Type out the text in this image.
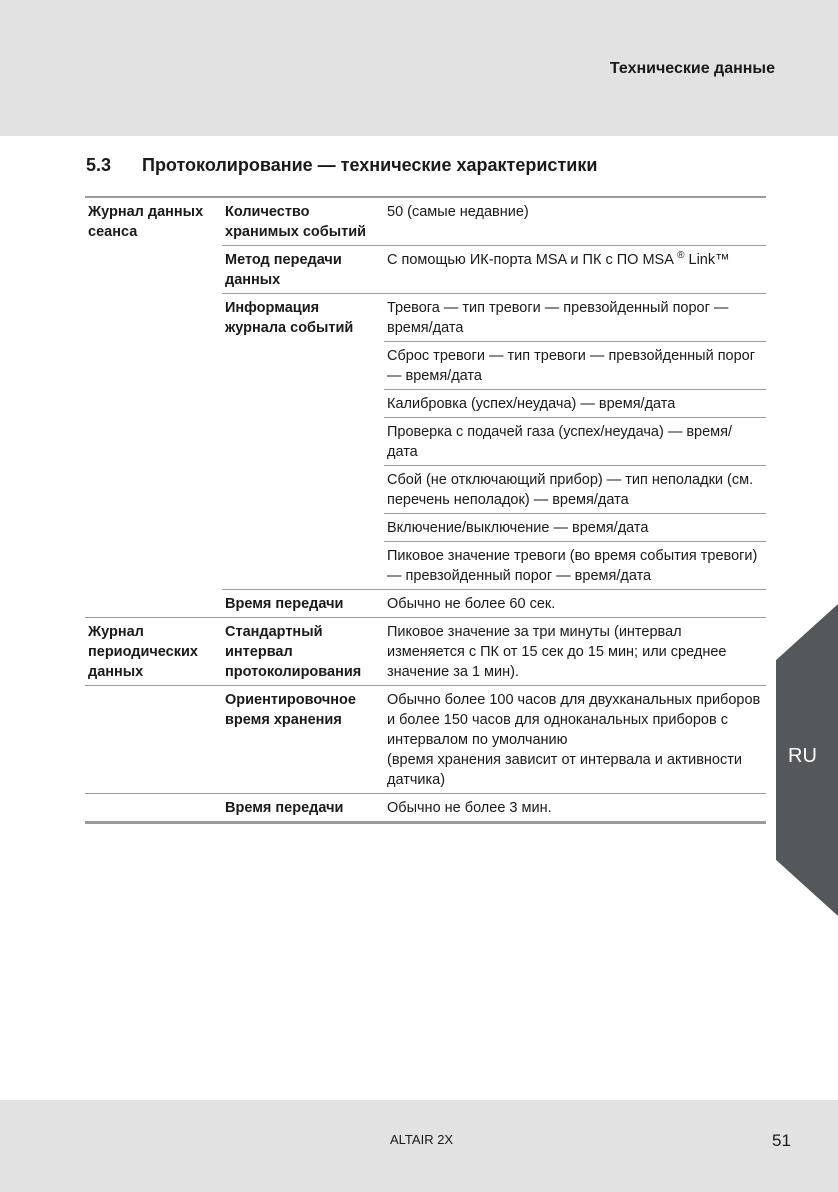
Технические данные
5.3 Протоколирование — технические характеристики
Журнал данных сеанса	Количество хранимых событий	50 (самые недавние)
	Метод передачи данных	С помощью ИК-порта MSA и ПК с ПО MSA ® Link™
	Информация журнала событий	Тревога — тип тревоги — превзойденный порог — время/дата
		Сброс тревоги — тип тревоги — превзойденный порог — время/дата
		Калибровка (успех/неудача) — время/дата
		Проверка с подачей газа (успех/неудача) — время/дата
		Сбой (не отключающий прибор) — тип неполадки (см. перечень неполадок) — время/дата
		Включение/выключение — время/дата
		Пиковое значение тревоги (во время события тревоги) — превзойденный порог — время/дата
	Время передачи	Обычно не более 60 сек.
Журнал периодических данных	Стандартный интервал протоколирования	Пиковое значение за три минуты (интервал изменяется с ПК от 15 сек до 15 мин; или среднее значение за 1 мин).
	Ориентировочное время хранения	Обычно более 100 часов для двухканальных приборов и более 150 часов для одноканальных приборов с интервалом по умолчанию
(время хранения зависит от интервала и активности датчика)

	Время передачи	Обычно не более 3 мин.
RU
ALTAIR 2X	51
